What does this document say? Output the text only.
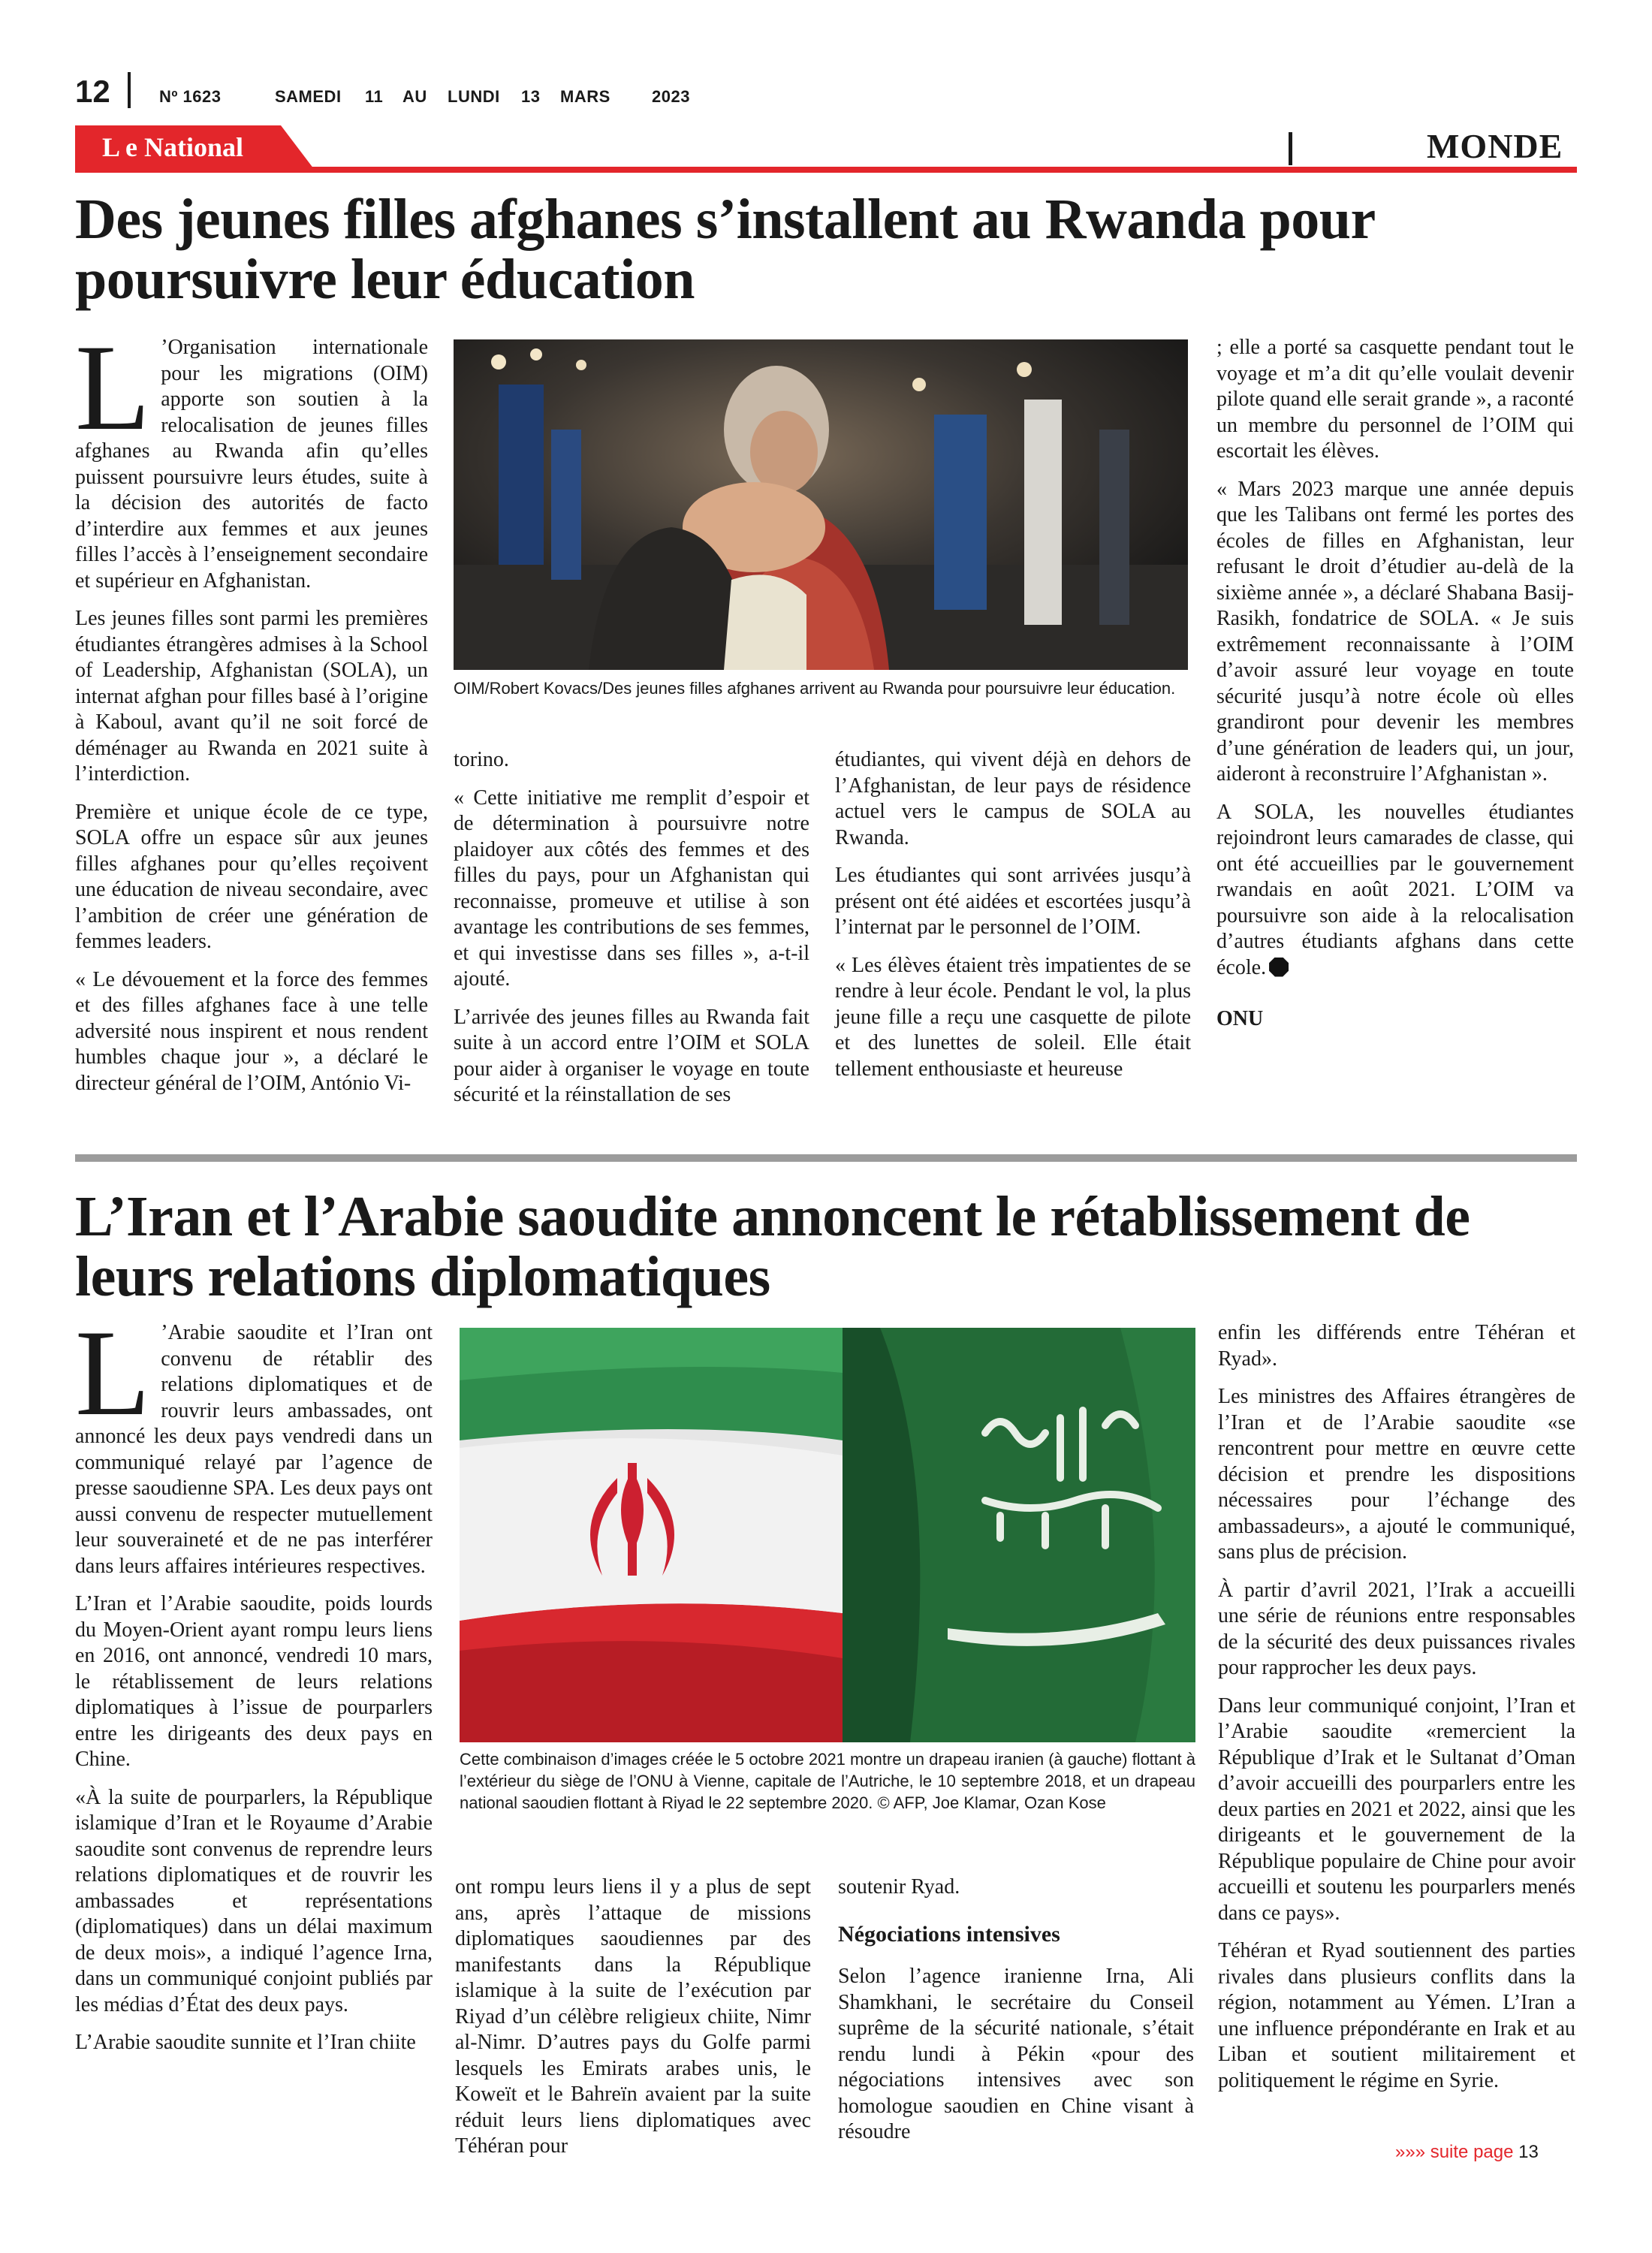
12	Nº 1623	SAMEDI 11 AU LUNDI 13 MARS	2023
L e National	MONDE
Des jeunes filles afghanes s’installent au Rwanda pour
poursuivre leur éducation

L ’Organisation internationale pour les migrations (OIM) apporte son soutien à la relocalisation de jeunes filles afghanes au Rwanda afin qu’elles puissent poursuivre leurs études, suite à la décision des autorités de facto d’interdire aux femmes et aux jeunes filles l’accès à l’enseignement secondaire et supérieur en Afghanistan.

Les jeunes filles sont parmi les premières étudiantes étrangères admises à la School of Leadership, Afghanistan (SOLA), un internat afghan pour filles basé à l’origine à Kaboul, avant qu’il ne soit forcé de déménager au Rwanda en 2021 suite à l’interdiction.

Première et unique école de ce type, SOLA offre un espace sûr aux jeunes filles afghanes pour qu’elles reçoivent une éducation de niveau secondaire, avec l’ambition de créer une génération de femmes leaders.

« Le dévouement et la force des femmes et des filles afghanes face à une telle adversité nous inspirent et nous rendent humbles chaque jour », a déclaré le directeur général de l’OIM, António Vi-

OIM/Robert Kovacs/Des jeunes filles afghanes arrivent au Rwanda pour poursuivre leur éducation.

torino.

« Cette initiative me remplit d’espoir et de détermination à poursuivre notre plaidoyer aux côtés des femmes et des filles du pays, pour un Afghanistan qui reconnaisse, promeuve et utilise à son avantage les contributions de ses femmes, et qui investisse dans ses filles », a-t-il ajouté.

L’arrivée des jeunes filles au Rwanda fait suite à un accord entre l’OIM et SOLA pour aider à organiser le voyage en toute sécurité et la réinstallation de ses

étudiantes, qui vivent déjà en dehors de l’Afghanistan, de leur pays de résidence actuel vers le campus de SOLA au Rwanda.

Les étudiantes qui sont arrivées jusqu’à présent ont été aidées et escortées jusqu’à l’internat par le personnel de l’OIM.

« Les élèves étaient très impatientes de se rendre à leur école. Pendant le vol, la plus jeune fille a reçu une casquette de pilote et des lunettes de soleil. Elle était tellement enthousiaste et heureuse

; elle a porté sa casquette pendant tout le voyage et m’a dit qu’elle voulait devenir pilote quand elle serait grande », a raconté un membre du personnel de l’OIM qui escortait les élèves.

« Mars 2023 marque une année depuis que les Talibans ont fermé les portes des écoles de filles en Afghanistan, leur refusant le droit d’étudier au-delà de la sixième année », a déclaré Shabana Basij-Rasikh, fondatrice de SOLA. « Je suis extrêmement reconnaissante à l’OIM d’avoir assuré leur voyage en toute sécurité jusqu’à notre école où elles grandiront pour devenir les membres d’une génération de leaders qui, un jour, aideront à reconstruire l’Afghanistan ».

A SOLA, les nouvelles étudiantes rejoindront leurs camarades de classe, qui ont été accueillies par le gouvernement rwandais en août 2021. L’OIM va poursuivre son aide à la relocalisation d’autres étudiants afghans dans cette école.

ONU
L’Iran et l’Arabie saoudite annoncent le rétablissement de
leurs relations diplomatiques

L ’Arabie saoudite et l’Iran ont convenu de rétablir des relations diplomatiques et de rouvrir leurs ambassades, ont annoncé les deux pays vendredi dans un communiqué relayé par l’agence de presse saoudienne SPA. Les deux pays ont aussi convenu de respecter mutuellement leur souveraineté et de ne pas interférer dans leurs affaires intérieures respectives.

L’Iran et l’Arabie saoudite, poids lourds du Moyen-Orient ayant rompu leurs liens en 2016, ont annoncé, vendredi 10 mars, le rétablissement de leurs relations diplomatiques à l’issue de pourparlers entre les dirigeants des deux pays en Chine.

«À la suite de pourparlers, la République islamique d’Iran et le Royaume d’Arabie saoudite sont convenus de reprendre leurs relations diplomatiques et de rouvrir les ambassades et représentations (diplomatiques) dans un délai maximum de deux mois», a indiqué l’agence Irna, dans un communiqué conjoint publiés par les médias d’État des deux pays.

L’Arabie saoudite sunnite et l’Iran chiite

Cette combinaison d’images créée le 5 octobre 2021 montre un drapeau iranien (à gauche) flottant à l’extérieur du siège de l’ONU à Vienne, capitale de l’Autriche, le 10 septembre 2018, et un drapeau national saoudien flottant à Riyad le 22 septembre 2020. © AFP, Joe Klamar, Ozan Kose

ont rompu leurs liens il y a plus de sept ans, après l’attaque de missions diplomatiques saoudiennes par des manifestants dans la République islamique à la suite de l’exécution par Riyad d’un célèbre religieux chiite, Nimr al-Nimr. D’autres pays du Golfe parmi lesquels les Emirats arabes unis, le Koweït et le Bahreïn avaient par la suite réduit leurs liens diplomatiques avec Téhéran pour

soutenir Ryad.

Négociations intensives

Selon l’agence iranienne Irna, Ali Shamkhani, le secrétaire du Conseil suprême de la sécurité nationale, s’était rendu lundi à Pékin «pour des négociations intensives avec son homologue saoudien en Chine visant à résoudre

enfin les différends entre Téhéran et Ryad».

Les ministres des Affaires étrangères de l’Iran et de l’Arabie saoudite «se rencontrent pour mettre en œuvre cette décision et prendre les dispositions nécessaires pour l’échange des ambassadeurs», a ajouté le communiqué, sans plus de précision.

À partir d’avril 2021, l’Irak a accueilli une série de réunions entre responsables de la sécurité des deux puissances rivales pour rapprocher les deux pays.

Dans leur communiqué conjoint, l’Iran et l’Arabie saoudite «remercient la République d’Irak et le Sultanat d’Oman d’avoir accueilli des pourparlers entre les deux parties en 2021 et 2022, ainsi que les dirigeants et le gouvernement de la République populaire de Chine pour avoir accueilli et soutenu les pourparlers menés dans ce pays».

Téhéran et Ryad soutiennent des parties rivales dans plusieurs conflits dans la région, notamment au Yémen. L’Iran a une influence prépondérante en Irak et au Liban et soutient militairement et politiquement le régime en Syrie.

»»» suite page 13
